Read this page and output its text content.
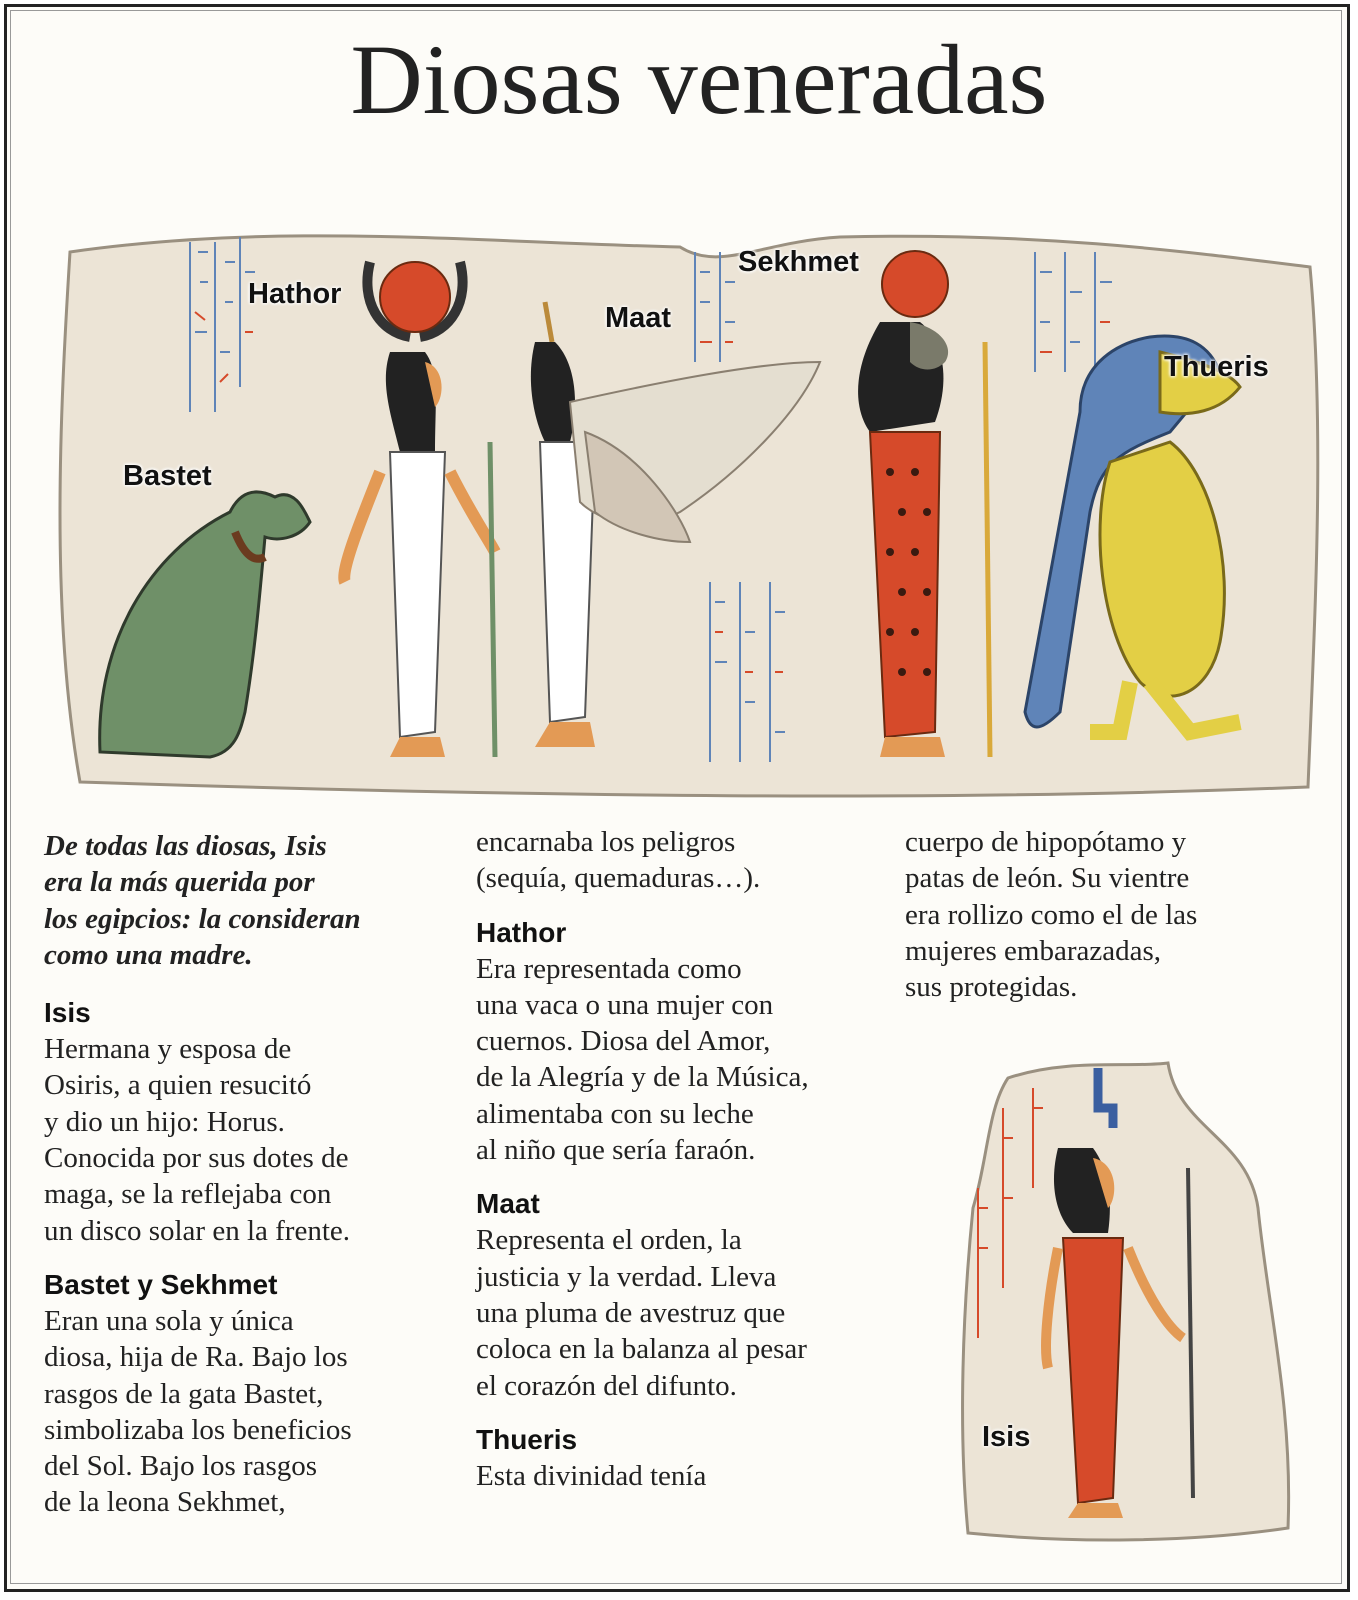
Diosas veneradas
Hathor
Sekhmet
Maat
Thueris
Bastet

De todas las diosas, Isis
era la más querida por
los egipcios: la consideran
como una madre.

Isis

Hermana y esposa de
Osiris, a quien resucitó
y dio un hijo: Horus.
Conocida por sus dotes de
maga, se la reflejaba con
un disco solar en la frente.

Bastet y Sekhmet

Eran una sola y única
diosa, hija de Ra. Bajo los
rasgos de la gata Bastet,
simbolizaba los beneficios
del Sol. Bajo los rasgos
de la leona Sekhmet,

encarnaba los peligros
(sequía, quemaduras…).

Hathor

Era representada como
una vaca o una mujer con
cuernos. Diosa del Amor,
de la Alegría y de la Música,
alimentaba con su leche
al niño que sería faraón.

Maat

Representa el orden, la
justicia y la verdad. Lleva
una pluma de avestruz que
coloca en la balanza al pesar
el corazón del difunto.

Thueris

Esta divinidad tenía

cuerpo de hipopótamo y
patas de león. Su vientre
era rollizo como el de las
mujeres embarazadas,
sus protegidas.

Isis
